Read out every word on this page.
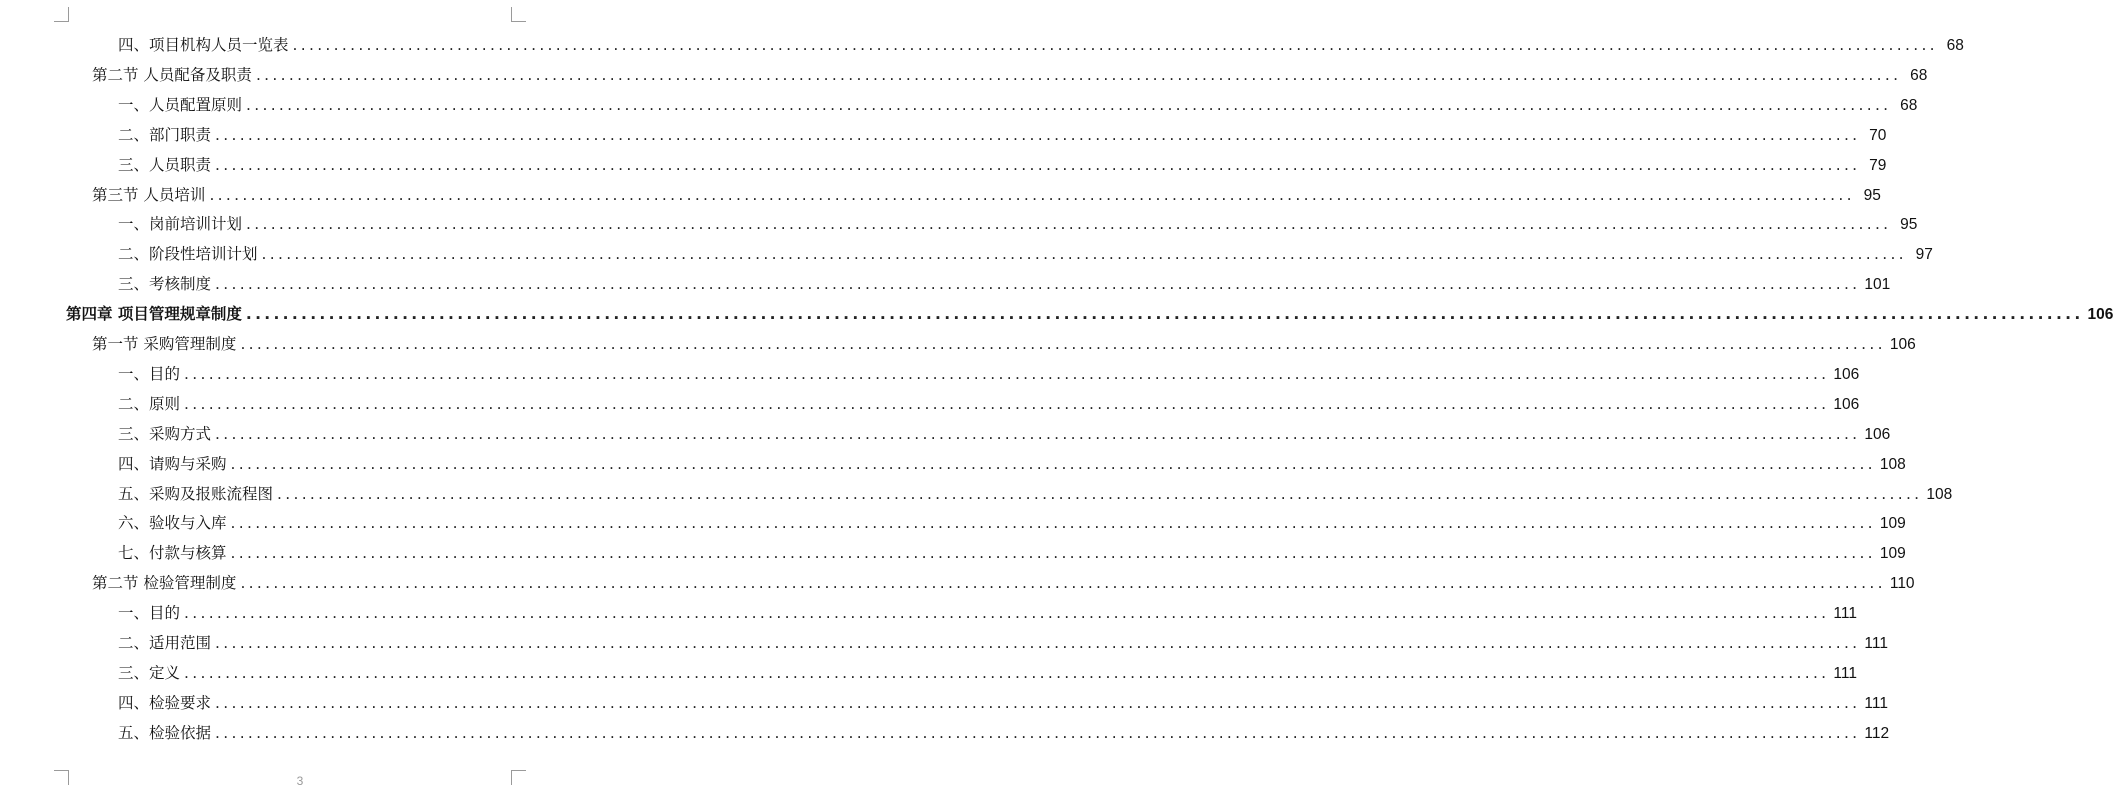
四、项目机构人员一览表 ........................................................................................................................................................................................................ 68
第二节 人员配备及职责 ........................................................................................................................................................................................................ 68
一、人员配置原则 ........................................................................................................................................................................................................ 68
二、部门职责 ........................................................................................................................................................................................................ 70
三、人员职责 ........................................................................................................................................................................................................ 79
第三节 人员培训 ........................................................................................................................................................................................................ 95
一、岗前培训计划 ........................................................................................................................................................................................................ 95
二、阶段性培训计划 ........................................................................................................................................................................................................ 97
三、考核制度 ........................................................................................................................................................................................................ 101
第四章 项目管理规章制度 ........................................................................................................................................................................................................ 106
第一节 采购管理制度 ........................................................................................................................................................................................................ 106
一、目的 ........................................................................................................................................................................................................ 106
二、原则 ........................................................................................................................................................................................................ 106
三、采购方式 ........................................................................................................................................................................................................ 106
四、请购与采购 ........................................................................................................................................................................................................ 108
五、采购及报账流程图 ........................................................................................................................................................................................................ 108
六、验收与入库 ........................................................................................................................................................................................................ 109
七、付款与核算 ........................................................................................................................................................................................................ 109
第二节 检验管理制度 ........................................................................................................................................................................................................ 110
一、目的 ........................................................................................................................................................................................................ 111
二、适用范围 ........................................................................................................................................................................................................ 111
三、定义 ........................................................................................................................................................................................................ 111
四、检验要求 ........................................................................................................................................................................................................ 111
五、检验依据 ........................................................................................................................................................................................................ 112
3
